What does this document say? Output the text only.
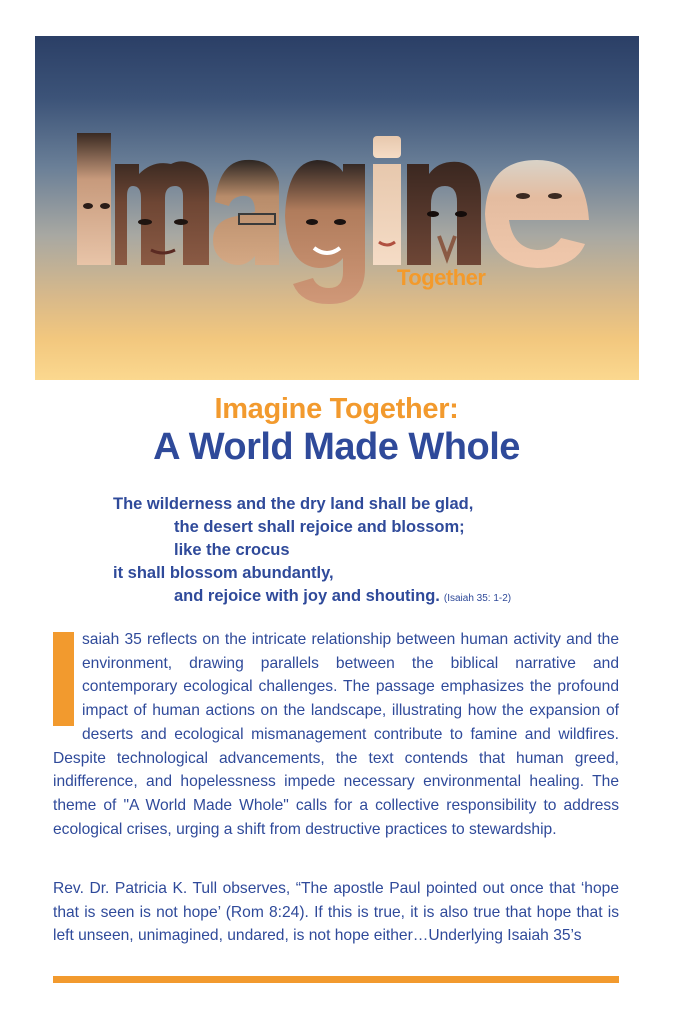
Together
Imagine Together:
A World Made Whole
The wilderness and the dry land shall be glad,
the desert shall rejoice and blossom;
like the crocus
it shall blossom abundantly,
and rejoice with joy and shouting. (Isaiah 35: 1-2)

saiah 35 reflects on the intricate relationship between human activity and the environment, drawing parallels between the biblical narrative and contemporary ecological challenges. The passage emphasizes the profound impact of human actions on the landscape, illustrating how the expansion of deserts and ecological mismanagement contribute to famine and wildfires. Despite technological advancements, the text contends that human greed, indifference, and hopelessness impede necessary environmental healing. The theme of "A World Made Whole" calls for a collective responsibility to address ecological crises, urging a shift from destructive practices to stewardship.

Rev. Dr. Patricia K. Tull observes, “The apostle Paul pointed out once that ‘hope that is seen is not hope’ (Rom 8:24). If this is true, it is also true that hope that is left unseen, unimagined, undared, is not hope either…Underlying Isaiah 35’s
